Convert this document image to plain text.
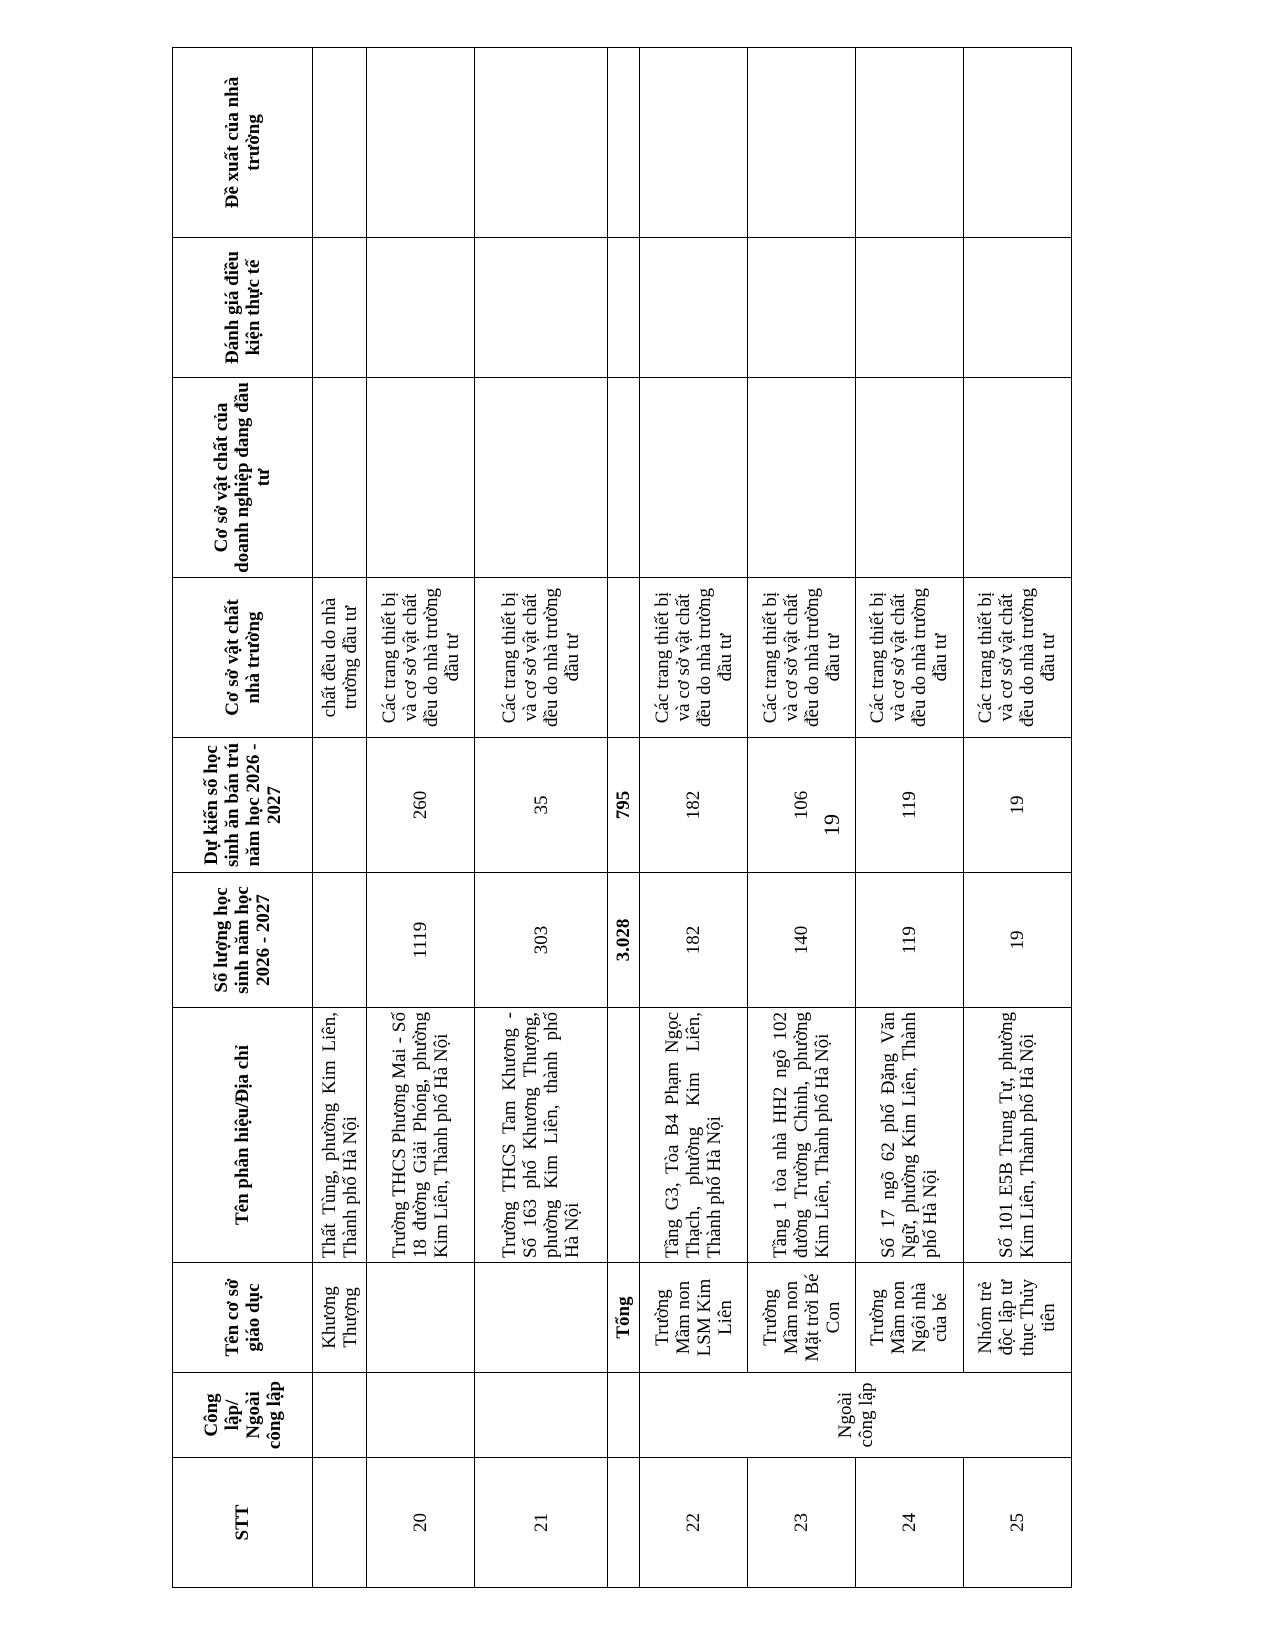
19
STT	Công lập/ Ngoài công lập	Tên cơ sở giáo dục	Tên phân hiệu/Địa chỉ	Số lượng học sinh năm học 2026 - 2027	Dự kiến số học sinh ăn bán trú năm học 2026 - 2027	Cơ sở vật chất nhà trường	Cơ sở vật chất của doanh nghiệp đang đầu tư	Đánh giá điều kiện thực tế	Đề xuất của nhà trường
		Khương Thượng	Thất Tùng, phường Kim Liên, Thành phố Hà Nội			chất đều do nhà trường đầu tư			
20			Trường THCS Phương Mai - Số 18 đường Giải Phóng, phường Kim Liên, Thành phố Hà Nội	1119	260	Các trang thiết bị và cơ sở vật chất đều do nhà trường đầu tư			
21			Trường THCS Tam Khương - Số 163 phố Khương Thượng, phường Kim Liên, thành phố Hà Nội	303	35	Các trang thiết bị và cơ sở vật chất đều do nhà trường đầu tư			
		Tổng		3.028	795				
22	Ngoài công lập	Trường Mầm non LSM Kim Liên	Tầng G3, Tòa B4 Phạm Ngọc Thạch, phường Kim Liên, Thành phố Hà Nội	182	182	Các trang thiết bị và cơ sở vật chất đều do nhà trường đầu tư			
23		Trường Mầm non Mặt trời Bé Con	Tầng 1 tòa nhà HH2 ngõ 102 đường Trường Chinh, phường Kim Liên, Thành phố Hà Nội	140	106	Các trang thiết bị và cơ sở vật chất đều do nhà trường đầu tư			
24		Trường Mầm non Ngôi nhà của bé	Số 17 ngõ 62 phố Đặng Văn Ngữ, phường Kim Liên, Thành phố Hà Nội	119	119	Các trang thiết bị và cơ sở vật chất đều do nhà trường đầu tư			
25		Nhóm trẻ độc lập tư thục Thủy tiên	Số 101 E5B Trung Tự, phường Kim Liên, Thành phố Hà Nội	19	19	Các trang thiết bị và cơ sở vật chất đều do nhà trường đầu tư			
